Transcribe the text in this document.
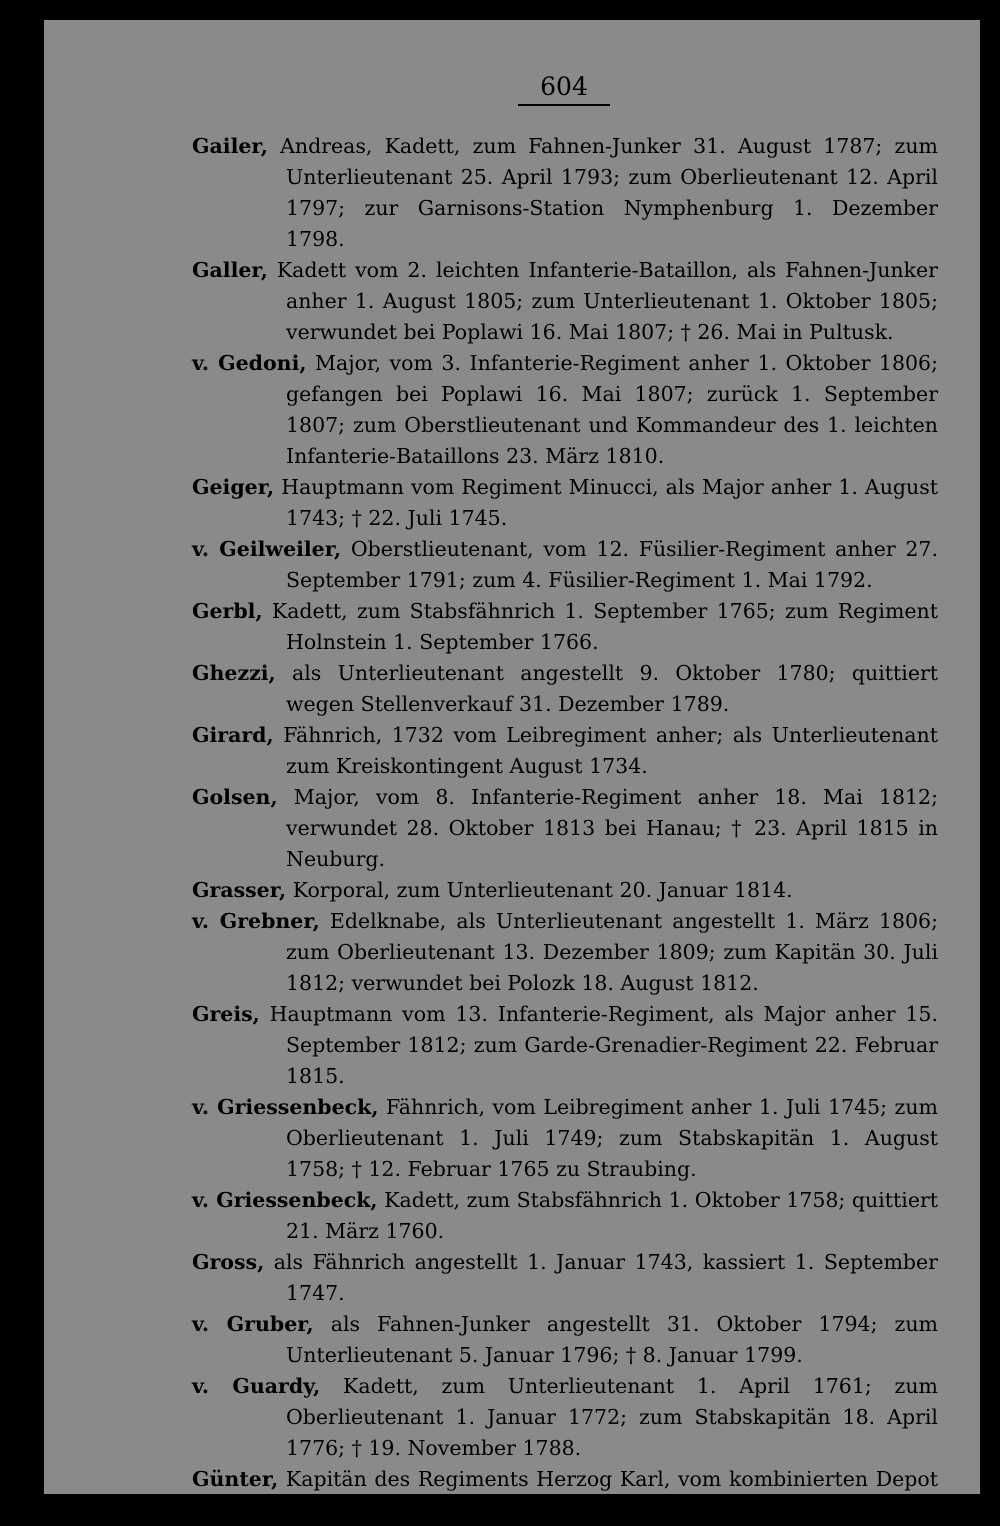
604

Gailer, Andreas, Kadett, zum Fahnen-Junker 31. August 1787; zum Unterlieutenant 25. April 1793; zum Oberlieutenant 12. April 1797; zur Garnisons-Station Nymphenburg 1. Dezember 1798.

Galler, Kadett vom 2. leichten Infanterie-Bataillon, als Fahnen-Junker anher 1. August 1805; zum Unterlieutenant 1. Oktober 1805; verwundet bei Poplawi 16. Mai 1807; † 26. Mai in Pultusk.

v. Gedoni, Major, vom 3. Infanterie-Regiment anher 1. Oktober 1806; gefangen bei Poplawi 16. Mai 1807; zurück 1. September 1807; zum Oberstlieutenant und Kommandeur des 1. leichten Infanterie-Bataillons 23. März 1810.

Geiger, Hauptmann vom Regiment Minucci, als Major anher 1. August 1743; † 22. Juli 1745.

v. Geilweiler, Oberstlieutenant, vom 12. Füsilier-Regiment anher 27. September 1791; zum 4. Füsilier-Regiment 1. Mai 1792.

Gerbl, Kadett, zum Stabsfähnrich 1. September 1765; zum Regiment Holnstein 1. September 1766.

Ghezzi, als Unterlieutenant angestellt 9. Oktober 1780; quittiert wegen Stellenverkauf 31. Dezember 1789.

Girard, Fähnrich, 1732 vom Leibregiment anher; als Unterlieutenant zum Kreiskontingent August 1734.

Golsen, Major, vom 8. Infanterie-Regiment anher 18. Mai 1812; verwundet 28. Oktober 1813 bei Hanau; † 23. April 1815 in Neuburg.

Grasser, Korporal, zum Unterlieutenant 20. Januar 1814.

v. Grebner, Edelknabe, als Unterlieutenant angestellt 1. März 1806; zum Oberlieutenant 13. Dezember 1809; zum Kapitän 30. Juli 1812; verwundet bei Polozk 18. August 1812.

Greis, Hauptmann vom 13. Infanterie-Regiment, als Major anher 15. September 1812; zum Garde-Grenadier-Regiment 22. Februar 1815.

v. Griessenbeck, Fähnrich, vom Leibregiment anher 1. Juli 1745; zum Oberlieutenant 1. Juli 1749; zum Stabskapitän 1. August 1758; † 12. Februar 1765 zu Straubing.

v. Griessenbeck, Kadett, zum Stabsfähnrich 1. Oktober 1758; quittiert 21. März 1760.

Gross, als Fähnrich angestellt 1. Januar 1743, kassiert 1. September 1747.

v. Gruber, als Fahnen-Junker angestellt 31. Oktober 1794; zum Unterlieutenant 5. Januar 1796; † 8. Januar 1799.

v. Guardy, Kadett, zum Unterlieutenant 1. April 1761; zum Oberlieutenant 1. Januar 1772; zum Stabskapitän 18. April 1776; † 19. November 1788.

Günter, Kapitän des Regiments Herzog Karl, vom kombinierten Depot anher 1. Juni 1800; zum Bataillon Salern 1. April 1803.
